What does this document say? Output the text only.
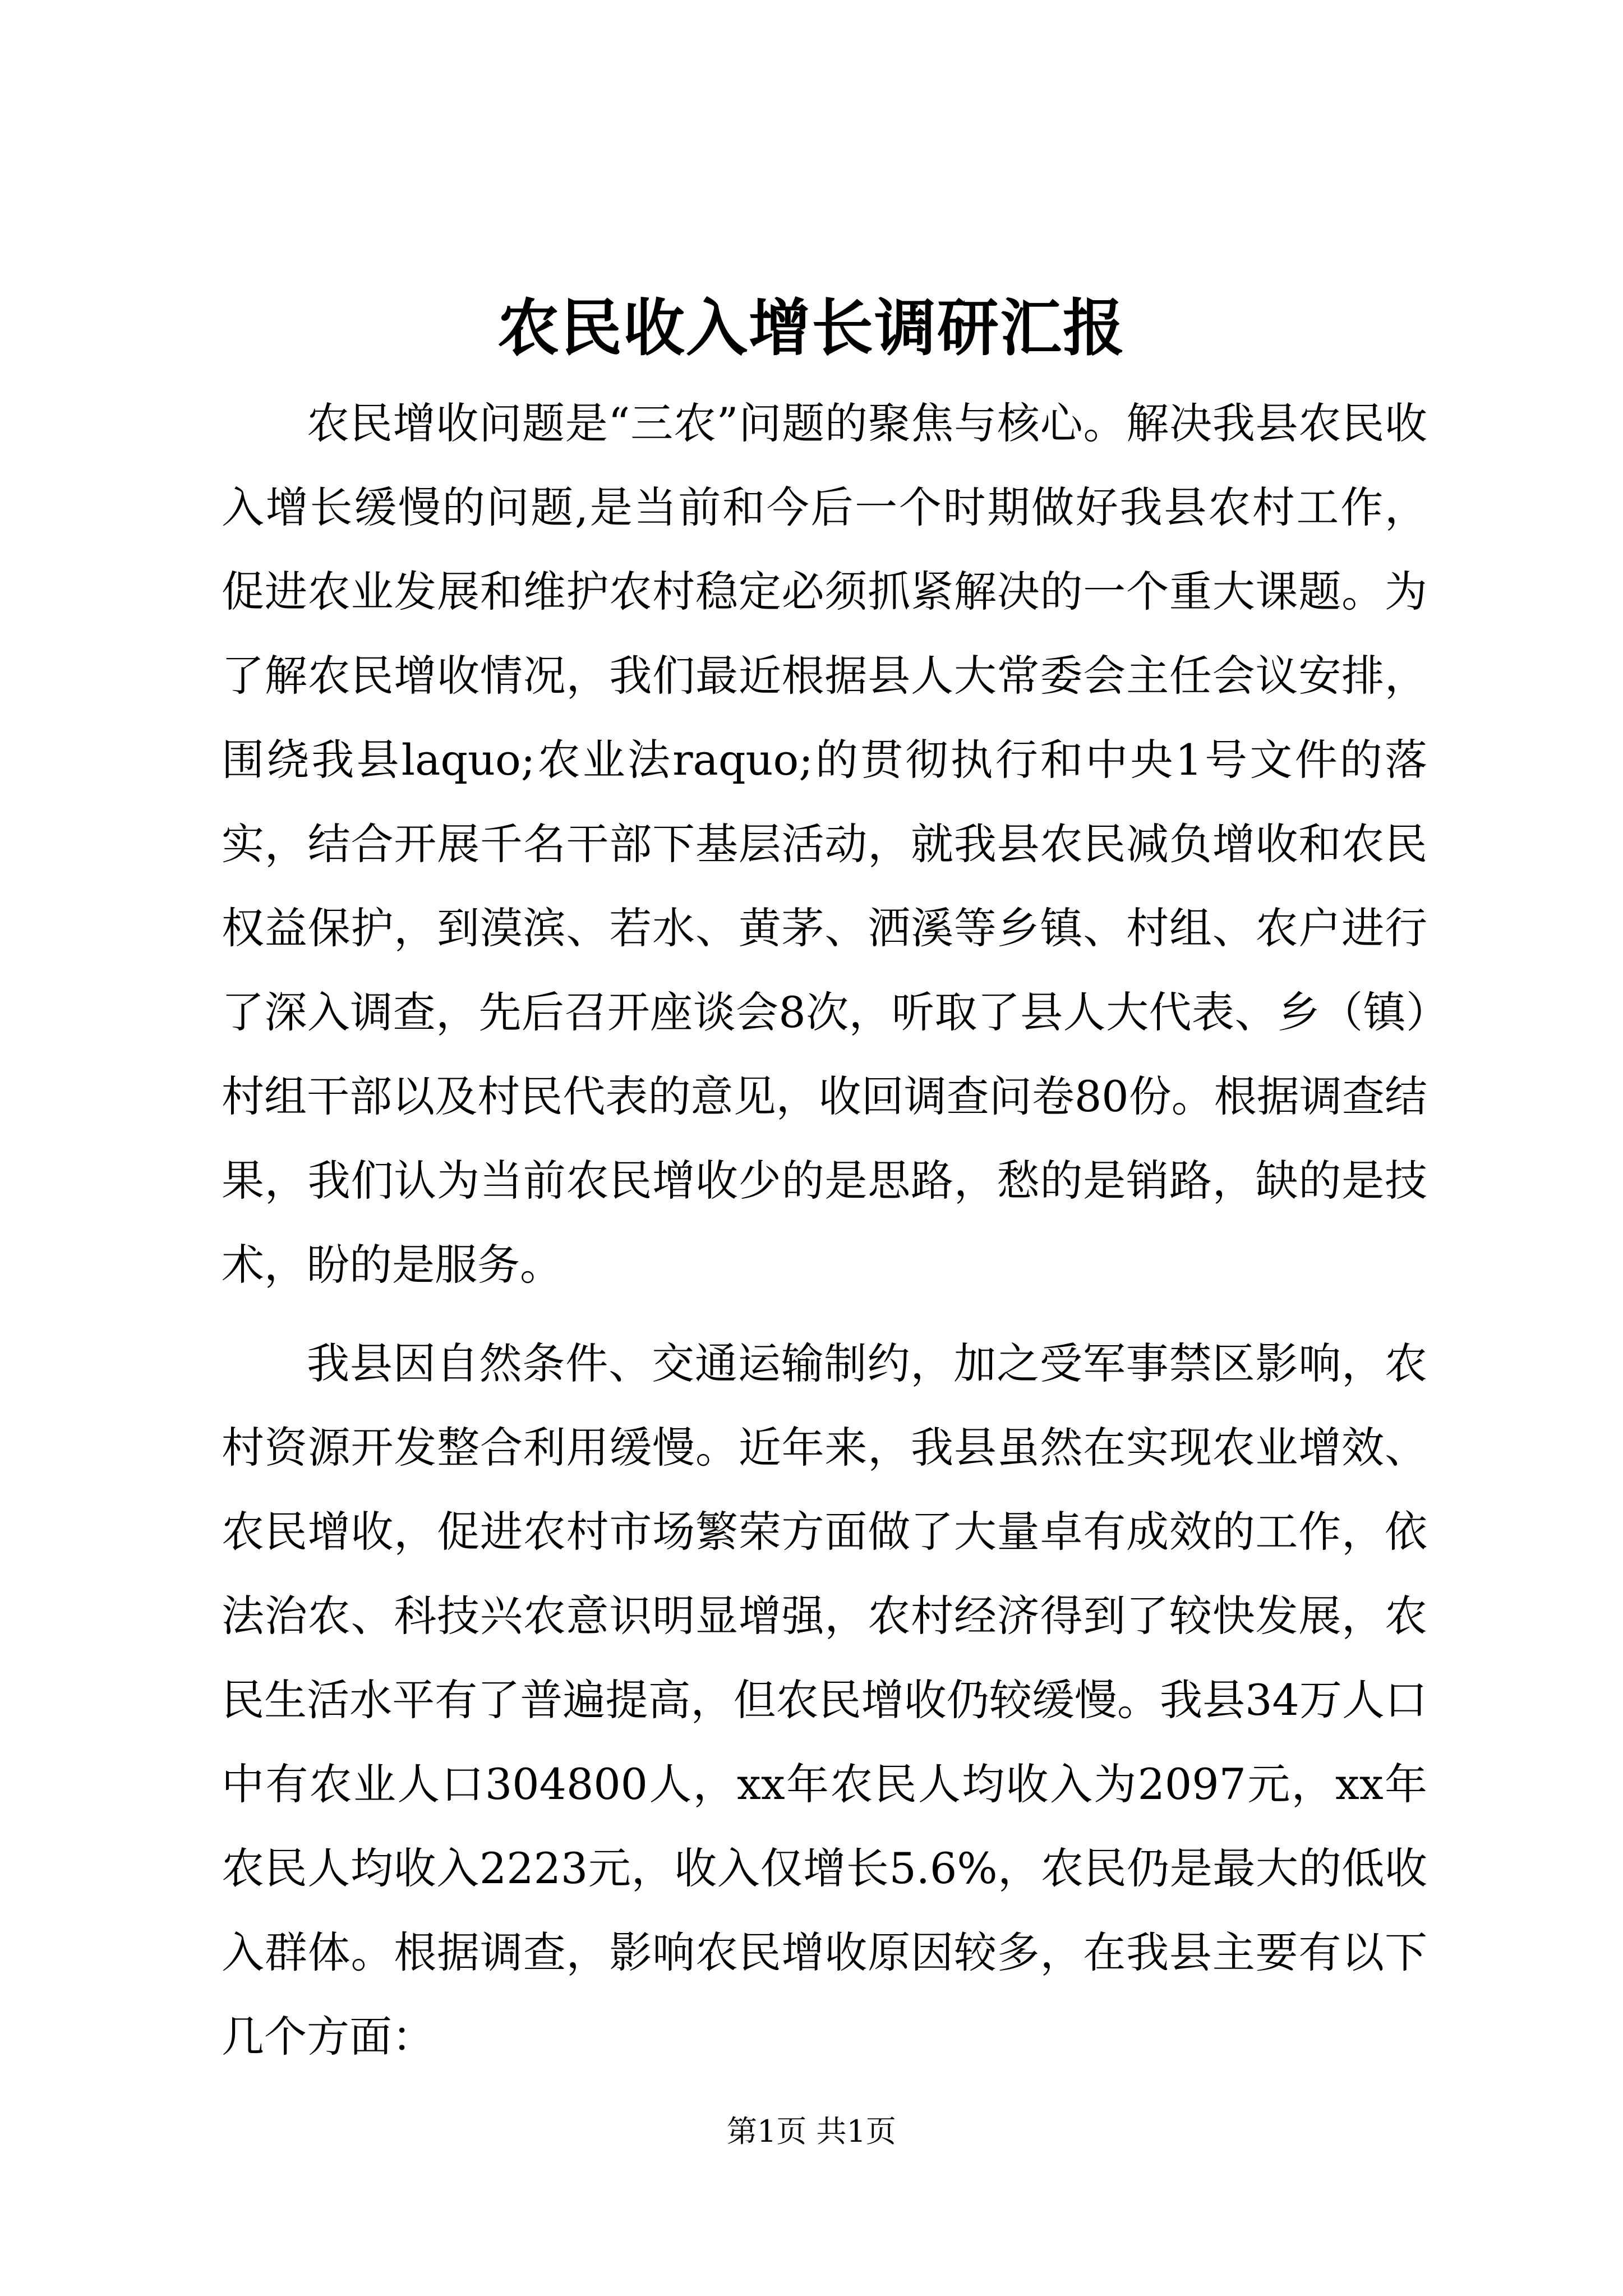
农民收入增长调研汇报

农民增收问题是“三农”问题的聚焦与核心。解决我县农民收入增长缓慢的问题,是当前和今后一个时期做好我县农村工作，促进农业发展和维护农村稳定必须抓紧解决的一个重大课题。为了解农民增收情况，我们最近根据县人大常委会主任会议安排，围绕我县laquo;农业法raquo;的贯彻执行和中央1号文件的落实，结合开展千名干部下基层活动，就我县农民减负增收和农民权益保护，到漠滨、若水、黄茅、洒溪等乡镇、村组、农户进行了深入调查，先后召开座谈会8次，听取了县人大代表、乡（镇）村组干部以及村民代表的意见，收回调查问卷80份。根据调查结果，我们认为当前农民增收少的是思路，愁的是销路，缺的是技术，盼的是服务。

我县因自然条件、交通运输制约，加之受军事禁区影响，农村资源开发整合利用缓慢。近年来，我县虽然在实现农业增效、农民增收，促进农村市场繁荣方面做了大量卓有成效的工作，依法治农、科技兴农意识明显增强，农村经济得到了较快发展，农民生活水平有了普遍提高，但农民增收仍较缓慢。我县34万人口中有农业人口304800人，xx年农民人均收入为2097元，xx年农民人均收入2223元，收入仅增长5.6%，农民仍是最大的低收入群体。根据调查，影响农民增收原因较多，在我县主要有以下几个方面：

第1页 共1页
